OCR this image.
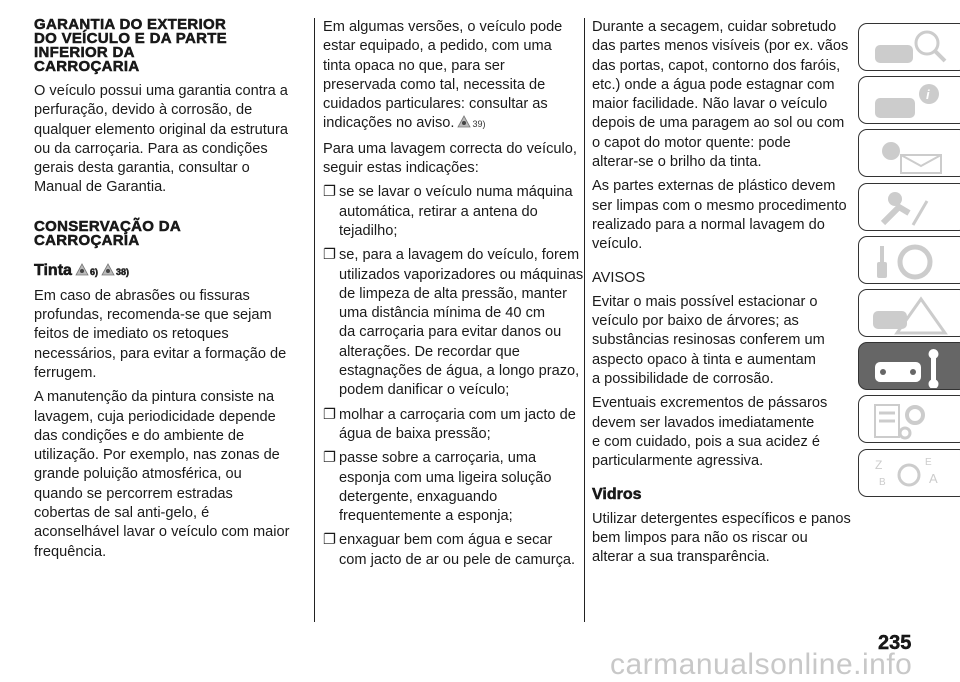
GARANTIA DO EXTERIOR
DO VEÍCULO E DA PARTE
INFERIOR DA
CARROÇARIA
O veículo possui uma garantia contra a
perfuração, devido à corrosão, de
qualquer elemento original da estrutura
ou da carroçaria. Para as condições
gerais desta garantia, consultar o
Manual de Garantia.
CONSERVAÇÃO DA
CARROÇARIA
Tinta 6) 38)
Em caso de abrasões ou fissuras
profundas, recomenda-se que sejam
feitos de imediato os retoques
necessários, para evitar a formação de
ferrugem.
A manutenção da pintura consiste na
lavagem, cuja periodicidade depende
das condições e do ambiente de
utilização. Por exemplo, nas zonas de
grande poluição atmosférica, ou
quando se percorrem estradas
cobertas de sal anti-gelo, é
aconselhável lavar o veículo com maior
frequência.
Em algumas versões, o veículo pode
estar equipado, a pedido, com uma
tinta opaca no que, para ser
preservada como tal, necessita de
cuidados particulares: consultar as
indicações no aviso. 39)
Para uma lavagem correcta do veículo,
seguir estas indicações:
❐ se se lavar o veículo numa máquina
automática, retirar a antena do
tejadilho;
❐ se, para a lavagem do veículo, forem
utilizados vaporizadores ou máquinas
de limpeza de alta pressão, manter
uma distância mínima de 40 cm
da carroçaria para evitar danos ou
alterações. De recordar que
estagnações de água, a longo prazo,
podem danificar o veículo;
❐ molhar a carroçaria com um jacto de
água de baixa pressão;
❐ passe sobre a carroçaria, uma
esponja com uma ligeira solução
detergente, enxaguando
frequentemente a esponja;
❐ enxaguar bem com água e secar
com jacto de ar ou pele de camurça.
Durante a secagem, cuidar sobretudo
das partes menos visíveis (por ex. vãos
das portas, capot, contorno dos faróis,
etc.) onde a água pode estagnar com
maior facilidade. Não lavar o veículo
depois de uma paragem ao sol ou com
o capot do motor quente: pode
alterar-se o brilho da tinta.
As partes externas de plástico devem
ser limpas com o mesmo procedimento
realizado para a normal lavagem do
veículo.
AVISOS
Evitar o mais possível estacionar o
veículo por baixo de árvores; as
substâncias resinosas conferem um
aspecto opaco à tinta e aumentam
a possibilidade de corrosão.
Eventuais excrementos de pássaros
devem ser lavados imediatamente
e com cuidado, pois a sua acidez é
particularmente agressiva.
Vidros
Utilizar detergentes específicos e panos
bem limpos para não os riscar ou
alterar a sua transparência.
i
Z
B	A
E
235
carmanualsonline.info
